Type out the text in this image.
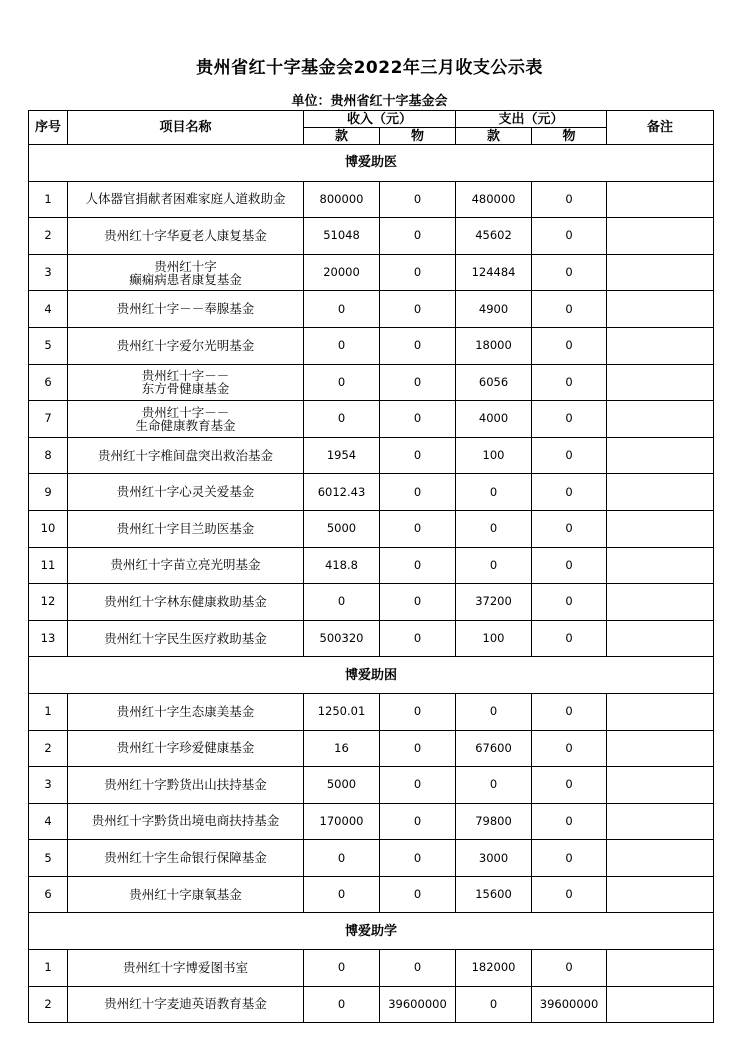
贵州省红十字基金会2022年三月收支公示表
单位：贵州省红十字基金会
序号	项目名称	收入（元）		支出（元）		备注
		款	物	款	物	
博爱助医						
1	人体器官捐献者困难家庭人道救助金	800000	0	480000	0	
2	贵州红十字华夏老人康复基金	51048	0	45602	0	
3	贵州红十字
癫痫病患者康复基金	20000	0	124484	0	
4	贵州红十字－－奉腺基金	0	0	4900	0	
5	贵州红十字爱尔光明基金	0	0	18000	0	
6	贵州红十字－－
东方骨健康基金	0	0	6056	0	
7	贵州红十字－－
生命健康教育基金	0	0	4000	0	
8	贵州红十字椎间盘突出救治基金	1954	0	100	0	
9	贵州红十字心灵关爱基金	6012.43	0	0	0	
10	贵州红十字目兰助医基金	5000	0	0	0	
11	贵州红十字苗立亮光明基金	418.8	0	0	0	
12	贵州红十字林东健康救助基金	0	0	37200	0	
13	贵州红十字民生医疗救助基金	500320	0	100	0	
博爱助困						
1	贵州红十字生态康美基金	1250.01	0	0	0	
2	贵州红十字珍爱健康基金	16	0	67600	0	
3	贵州红十字黔货出山扶持基金	5000	0	0	0	
4	贵州红十字黔货出境电商扶持基金	170000	0	79800	0	
5	贵州红十字生命银行保障基金	0	0	3000	0	
6	贵州红十字康氧基金	0	0	15600	0	
博爱助学						
1	贵州红十字博爱图书室	0	0	182000	0	
2	贵州红十字麦迪英语教育基金	0	39600000	0	39600000	
